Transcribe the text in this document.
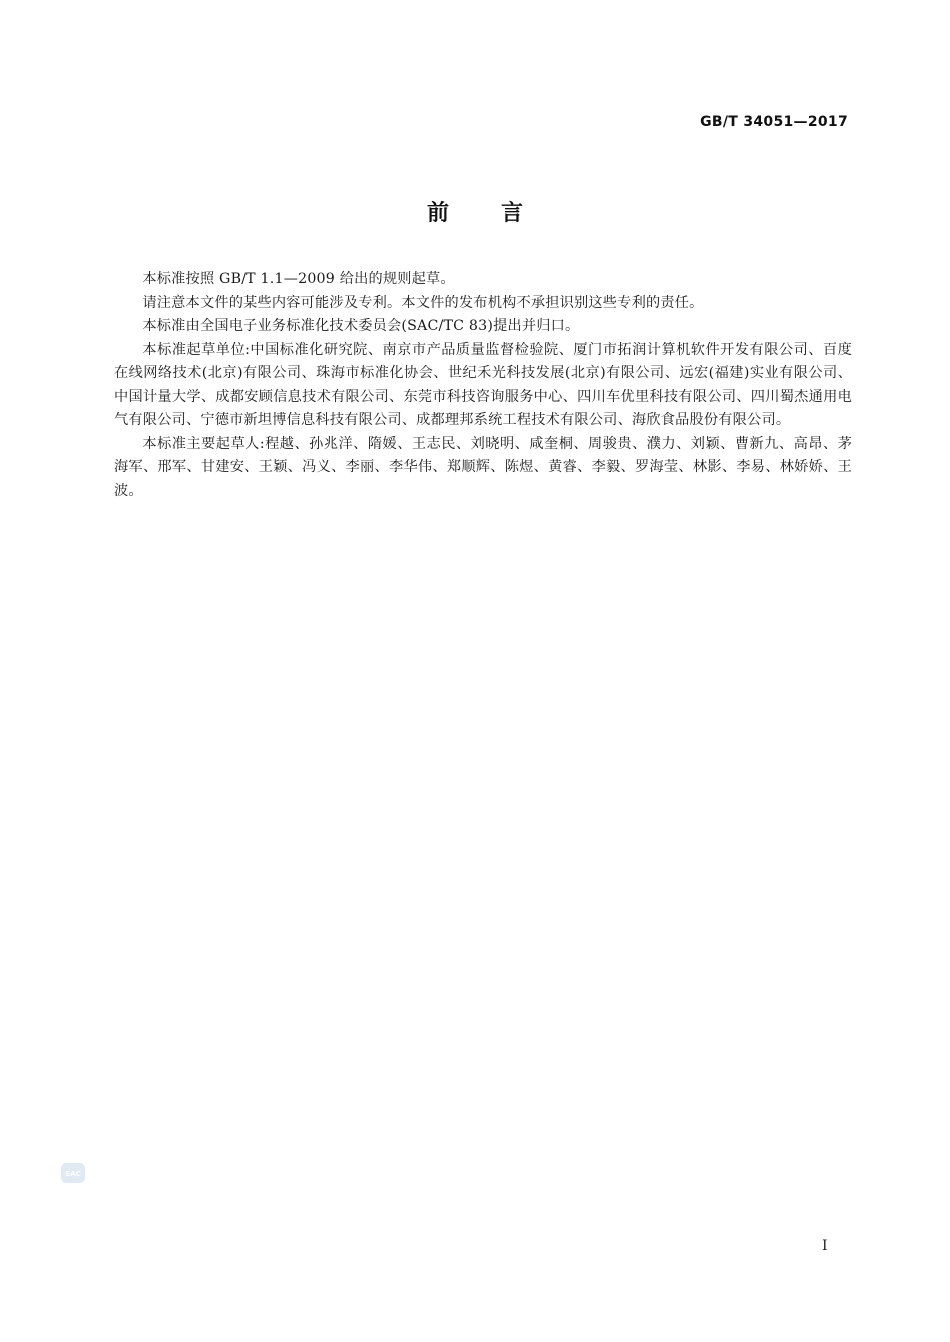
GB/T 34051—2017
前言

本标准按照 GB/T 1.1—2009 给出的规则起草。

请注意本文件的某些内容可能涉及专利。本文件的发布机构不承担识别这些专利的责任。

本标准由全国电子业务标准化技术委员会(SAC/TC 83)提出并归口。

本标准起草单位:中国标准化研究院、南京市产品质量监督检验院、厦门市拓润计算机软件开发有限公司、百度在线网络技术(北京)有限公司、珠海市标准化协会、世纪禾光科技发展(北京)有限公司、远宏(福建)实业有限公司、中国计量大学、成都安顾信息技术有限公司、东莞市科技咨询服务中心、四川车优里科技有限公司、四川蜀杰通用电气有限公司、宁德市新坦博信息科技有限公司、成都理邦系统工程技术有限公司、海欣食品股份有限公司。

本标准主要起草人:程越、孙兆洋、隋媛、王志民、刘晓明、咸奎桐、周骏贵、濮力、刘颖、曹新九、高昂、茅海军、邢军、甘建安、王颖、冯义、李丽、李华伟、郑顺辉、陈煜、黄睿、李毅、罗海莹、林影、李易、林娇娇、王波。

SAC
I
